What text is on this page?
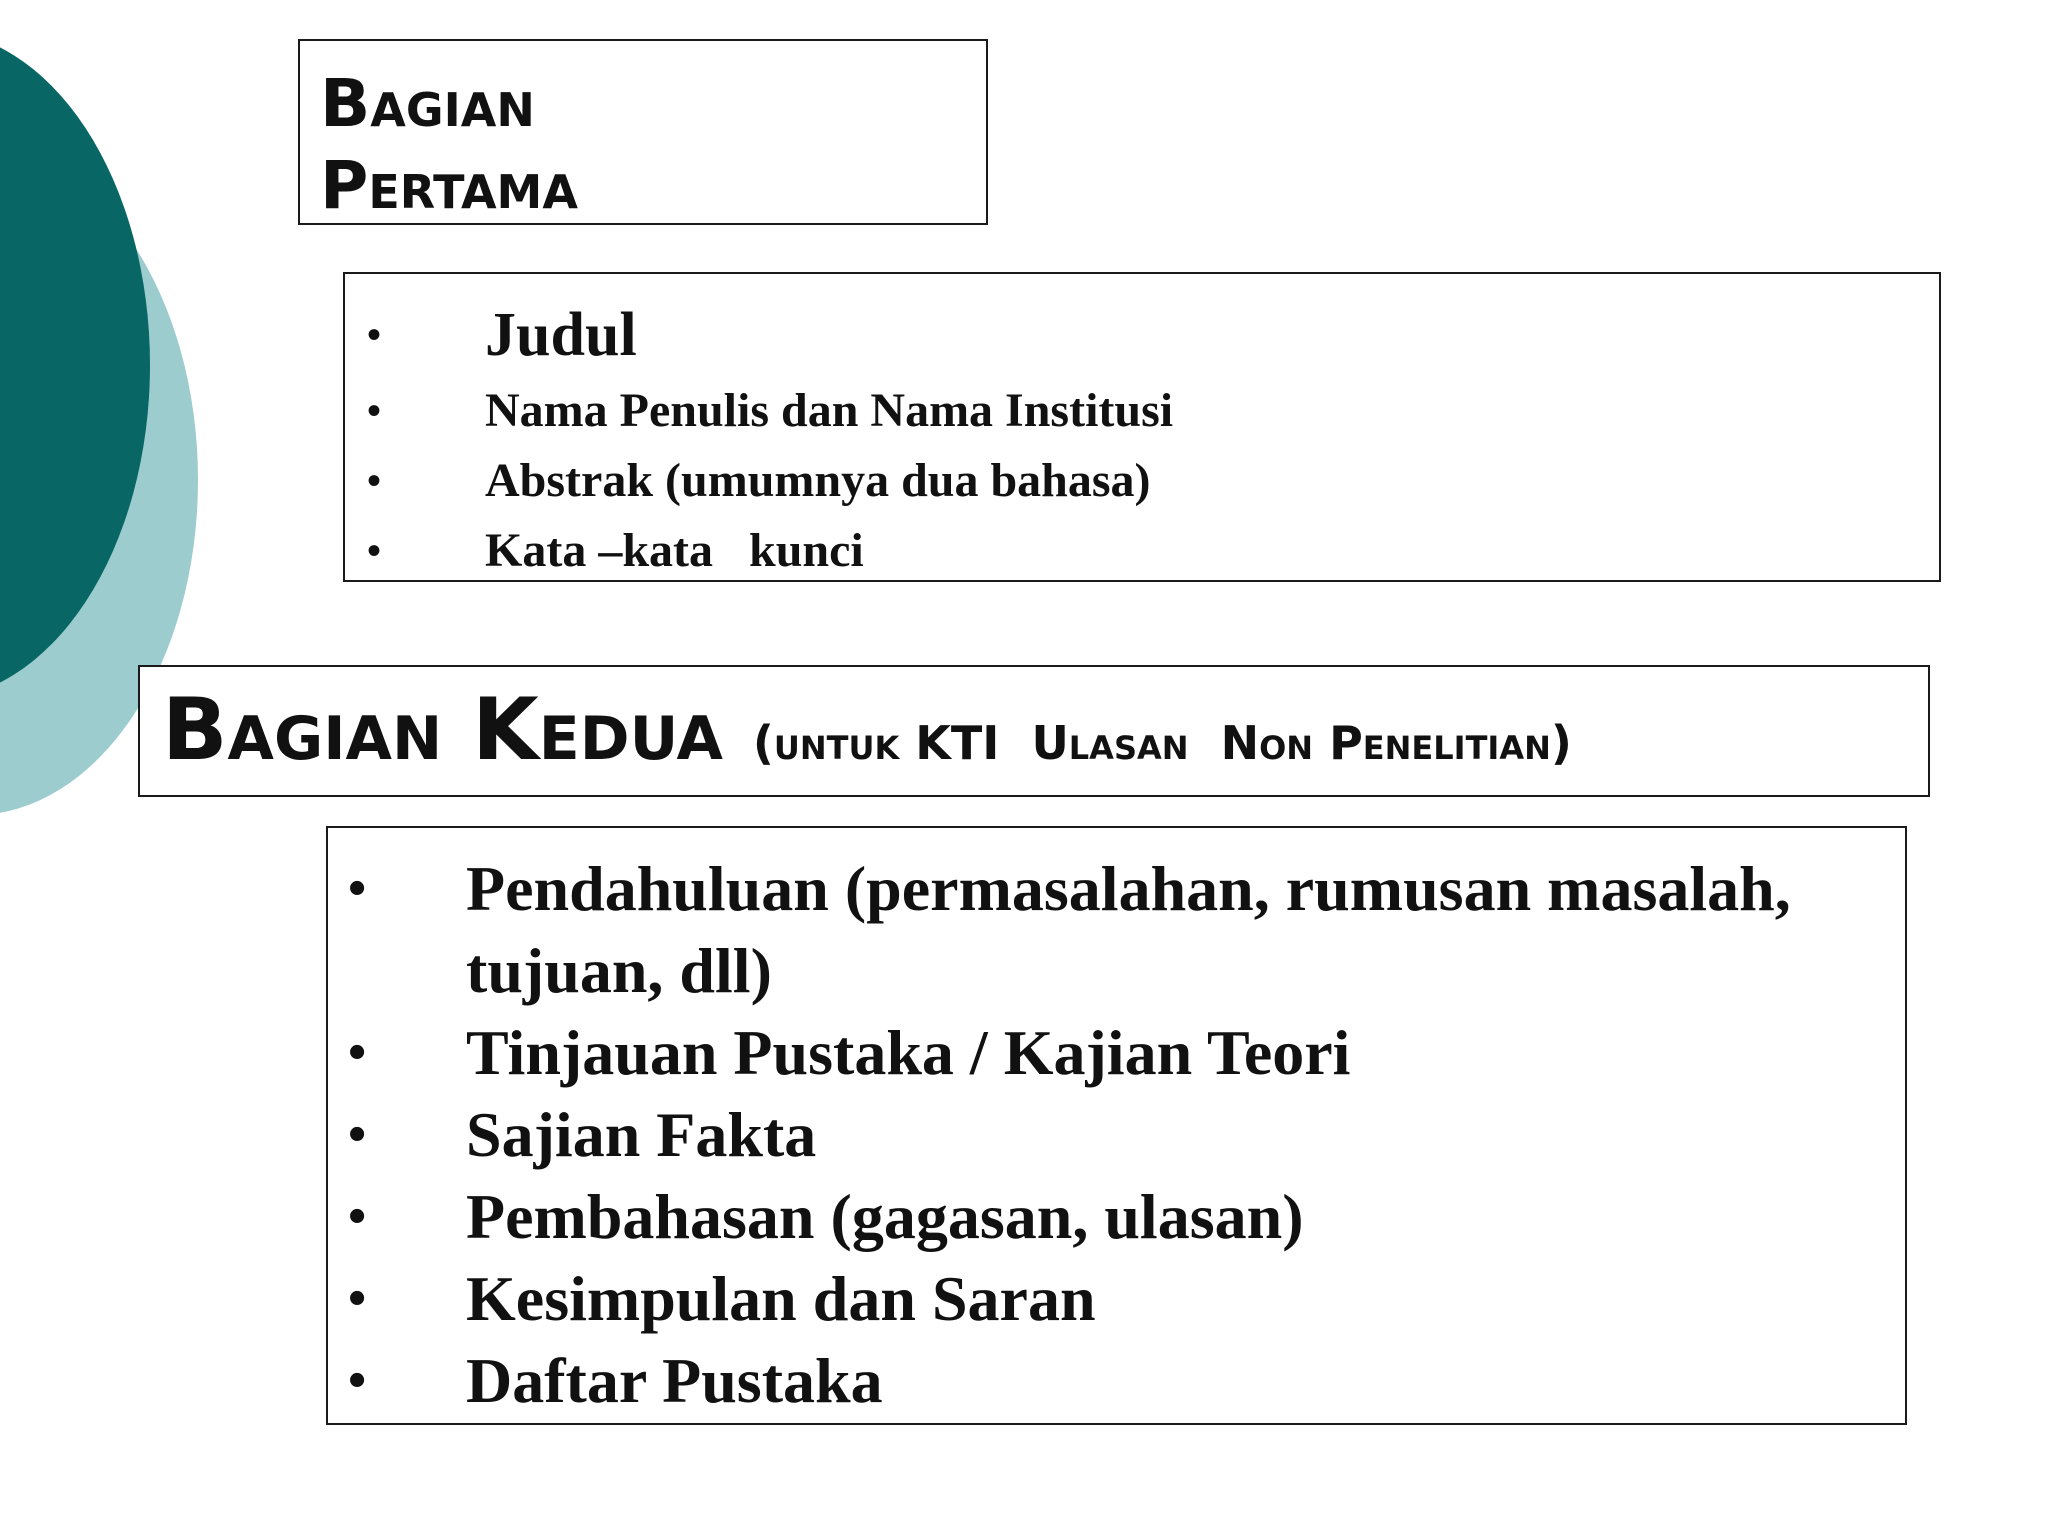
Bagian
Pertama
• Judul
• Nama Penulis dan Nama Institusi
• Abstrak (umumnya dua bahasa)
• Kata –kata   kunci
Bagian Kedua (untuk KTI  Ulasan  Non Penelitian)
• Pendahuluan (permasalahan, rumusan masalah, tujuan, dll)
• Tinjauan Pustaka / Kajian Teori
• Sajian Fakta
• Pembahasan (gagasan, ulasan)
• Kesimpulan dan Saran
• Daftar Pustaka
